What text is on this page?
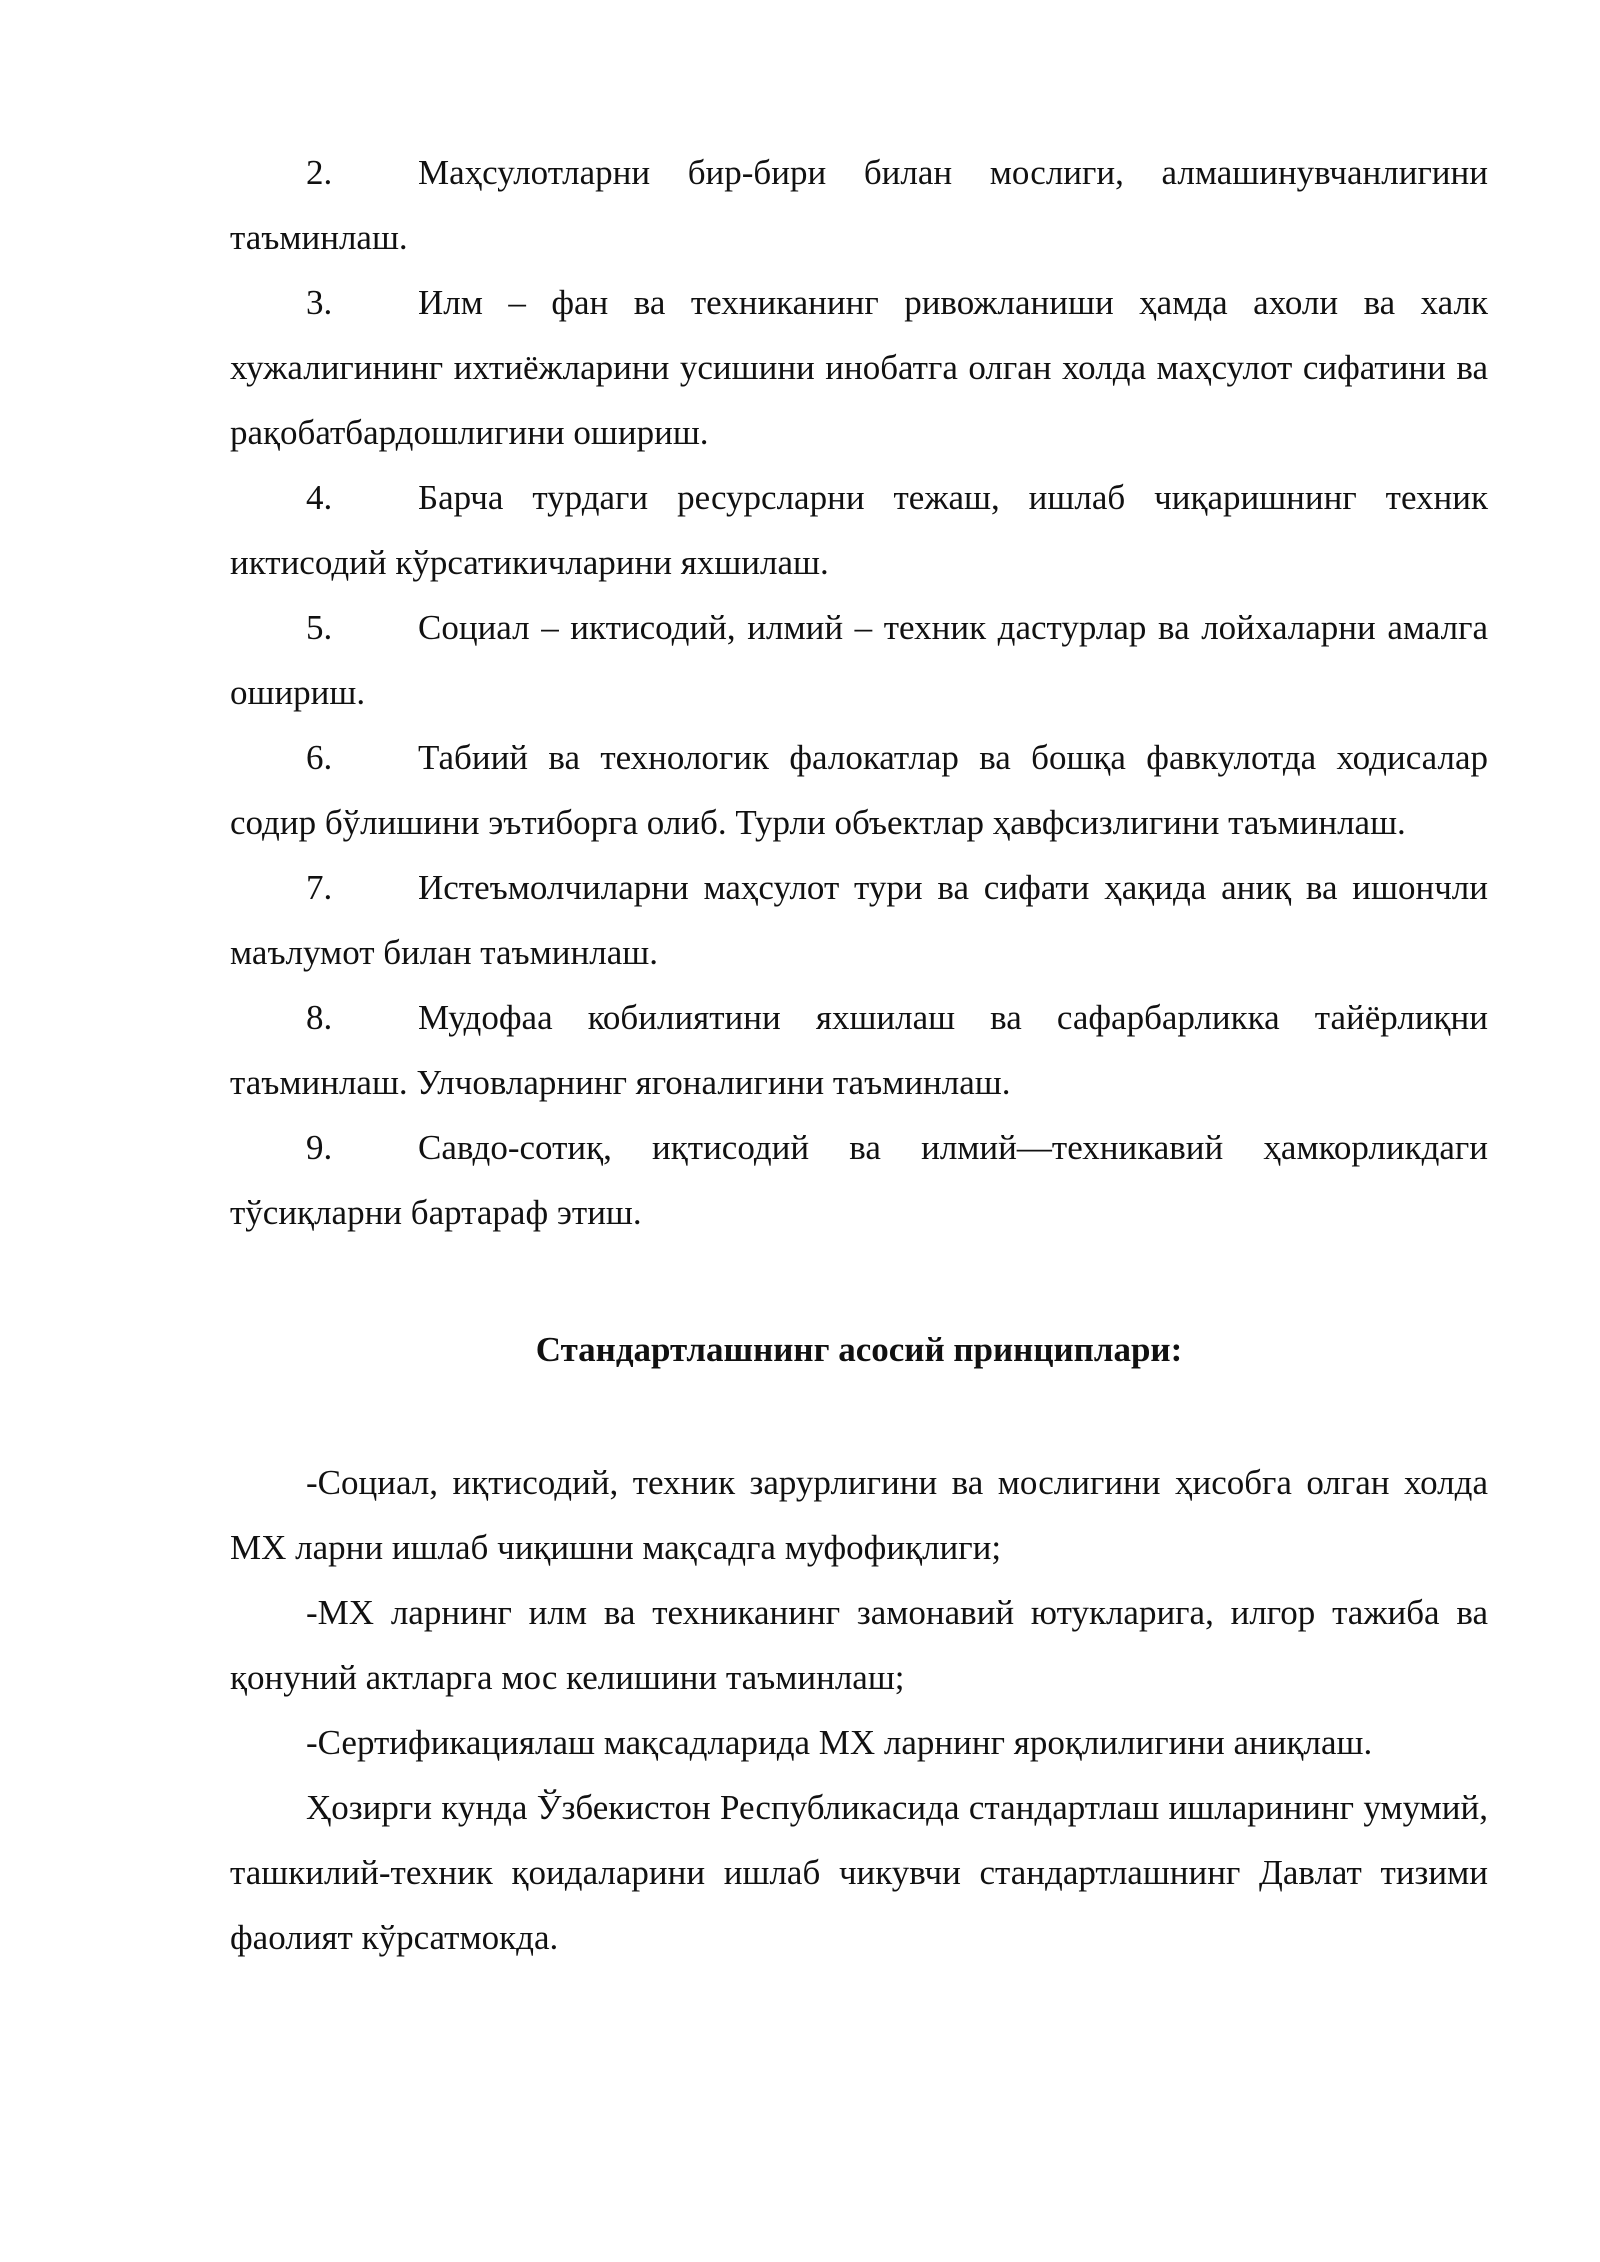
2. Маҳсулотларни бир-бири билан мослиги, алмашинувчанлигини таъминлаш.

3. Илм – фан ва техниканинг ривожланиши ҳамда ахоли ва халк хужалигининг ихтиёжларини усишини инобатга олган холда маҳсулот сифатини ва рақобатбардошлигини ошириш.

4. Барча турдаги ресурсларни тежаш, ишлаб чиқаришнинг техник иктисодий кўрсатикичларини яхшилаш.

5. Социал – иктисодий, илмий – техник дастурлар ва лойхаларни амалга ошириш.

6. Табиий ва технологик фалокатлар ва бошқа фавкулотда ходисалар содир бўлишини эътиборга олиб. Турли объектлар ҳавфсизлигини таъминлаш.

7. Истеъмолчиларни маҳсулот тури ва сифати ҳақида аниқ ва ишончли маълумот билан таъминлаш.

8. Мудофаа кобилиятини яхшилаш ва сафарбарликка тайёрлиқни таъминлаш. Улчовларнинг ягоналигини таъминлаш.

9. Савдо-сотиқ, иқтисодий ва илмий—техникавий ҳамкорликдаги тўсиқларни бартараф этиш.

Стандартлашнинг асосий принциплари:

-Социал, иқтисодий, техник зарурлигини ва мослигини ҳисобга олган холда МХ ларни ишлаб чиқишни мақсадга муфофиқлиги;

-МХ ларнинг илм ва техниканинг замонавий ютукларига, илгор тажиба ва қонуний актларга мос келишини таъминлаш;

-Сертификациялаш мақсадларида МХ ларнинг яроқлилигини аниқлаш.

Ҳозирги кунда Ўзбекистон Республикасида стандартлаш ишларининг умумий, ташкилий-техник қоидаларини ишлаб чикувчи стандартлашнинг Давлат тизими фаолият кўрсатмокда.
